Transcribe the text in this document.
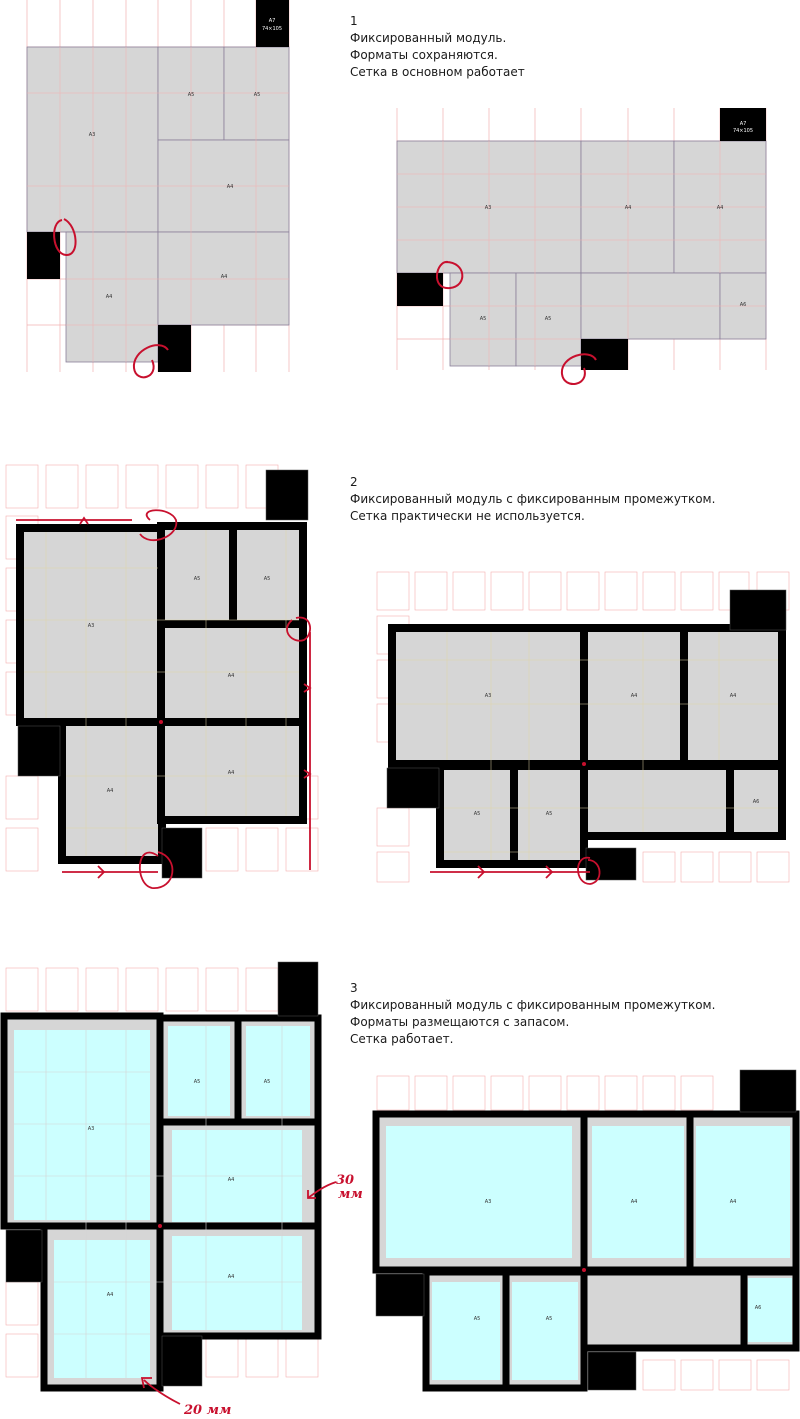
1
Фиксированный модуль.
Форматы сохраняются.
Сетка в основном работает
2
Фиксированный модуль с фиксированным промежутком.
Сетка практически не используется.
3
Фиксированный модуль с фиксированным промежутком.
Форматы размещаются с запасом.
Сетка работает.
A7
74×105
A3
A5	A5
A4
A4
A4
A7
74×105
A3	A4	A4
A5	A5
A6
A3
A5	A5
A4
A4
A4
A3	A4	A4
A5	A5
A6
A3
A5	A5
A4
A4
A4
30
мм
20 мм
A3	A4	A4
A5	A5
A6
